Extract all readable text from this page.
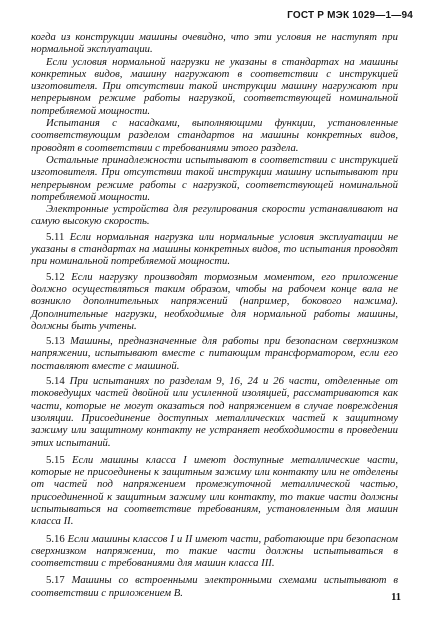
ГОСТ Р МЭК 1029—1—94

когда из конструкции машины очевидно, что эти условия не наступят при нормальной эксплуатации.

Если условия нормальной нагрузки не указаны в стандартах на машины конкретных видов, машину нагружают в соответствии с инструкцией изготовителя. При отсутствии такой инструкции машину нагружают при непрерывном режиме работы нагрузкой, соответствующей номинальной потребляемой мощности.

Испытания с насадками, выполняющими функции, установленные соответствующим разделом стандартов на машины конкретных видов, проводят в соответствии с требованиями этого раздела.

Остальные принадлежности испытывают в соответствии с инструкцией изготовителя. При отсутствии такой инструкции машину испытывают при непрерывном режиме работы с нагрузкой, соответствующей номинальной потребляемой мощности.

Электронные устройства для регулирования скорости устанавливают на самую высокую скорость.

5.11 Если нормальная нагрузка или нормальные условия эксплуатации не указаны в стандартах на машины конкретных видов, то испытания проводят при номинальной потребляемой мощности.

5.12 Если нагрузку производят тормозным моментом, его приложение должно осуществляться таким образом, чтобы на рабочем конце вала не возникло дополнительных напряжений (например, бокового нажима). Дополнительные нагрузки, необходимые для нормальной работы машины, должны быть учтены.

5.13 Машины, предназначенные для работы при безопасном сверхнизком напряжении, испытывают вместе с питающим трансформатором, если его поставляют вместе с машиной.

5.14 При испытаниях по разделам 9, 16, 24 и 26 части, отделенные от токоведущих частей двойной или усиленной изоляцией, рассматриваются как части, которые не могут оказаться под напряжением в случае повреждения изоляции. Присоединение доступных металлических частей к защитному зажиму или защитному контакту не устраняет необходимости в проведении этих испытаний.

5.15 Если машины класса I имеют доступные металлические части, которые не присоединены к защитным зажиму или контакту или не отделены от частей под напряжением промежуточной металлической частью, присоединенной к защитным зажиму или контакту, то такие части должны испытываться на соответствие требованиям, установленным для машин класса II.

5.16 Если машины классов I и II имеют части, работающие при безопасном сверхнизком напряжении, то такие части должны испытываться в соответствии с требованиями для машин класса III.

5.17 Машины со встроенными электронными схемами испытывают в соответствии с приложением В.	11
